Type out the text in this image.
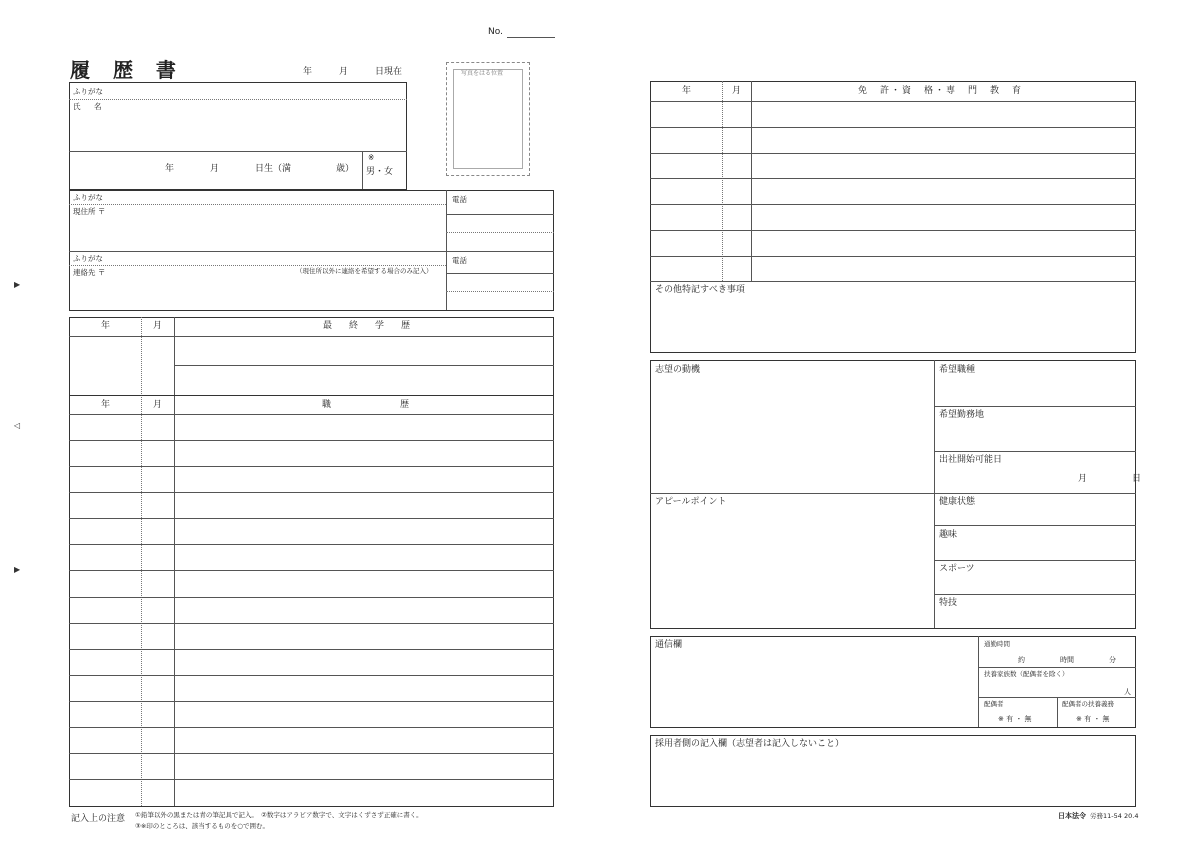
▶
◁
▶
No.
履 歴 書	年　　　月　　　日現在	写真をはる位置
ふりがな
氏　名
年　　　　月　　　　日生（満　　　　　歳）
※
男・女
ふりがな
現住所 〒
電話
ふりがな
連絡先 〒	（現住所以外に連絡を希望する場合のみ記入）
電話
年	月	最　終　学　歴
年	月	職　　　　　歴
記入上の注意 ①鉛筆以外の黒または青の筆記具で記入。　②数字はアラビア数字で、文字はくずさず正確に書く。
③※印のところは、該当するものを○で囲む。
年	月	免　許・資　格・専　門　教　育
その他特記すべき事項
志望の動機	希望職種
希望勤務地
出社開始可能日
月　　　　　日
アピールポイント	健康状態
趣味
スポーツ
特技
通信欄	通勤時間
約　　　　　時間　　　　　分
扶養家族数（配偶者を除く）
人
配偶者
※ 有 ・ 無
配偶者の扶養義務
※ 有 ・ 無
採用者側の記入欄（志望者は記入しないこと）
日本法令 労務11-54 20.4
